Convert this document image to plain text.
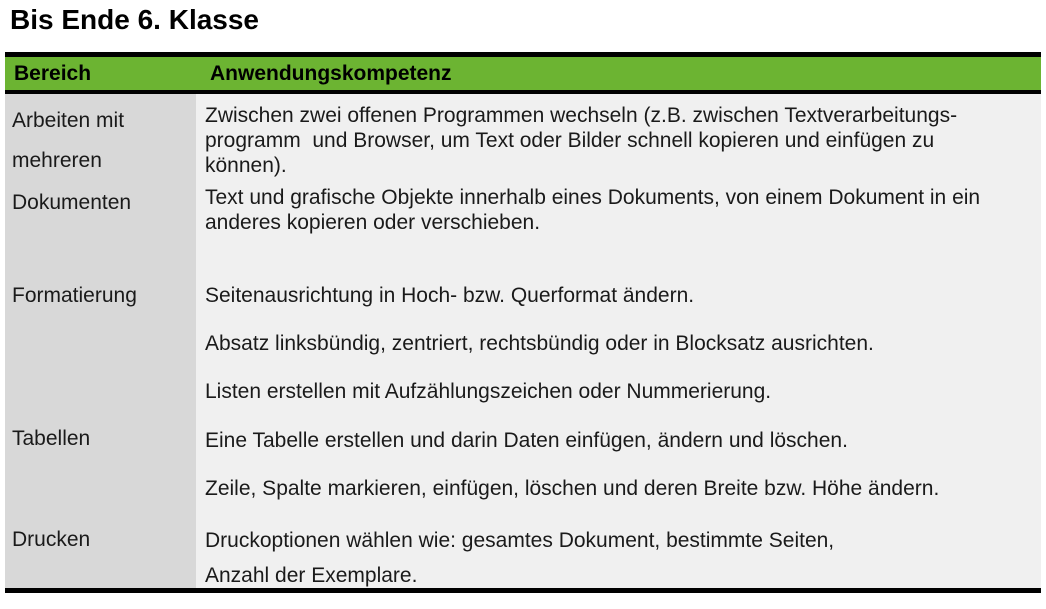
Bis Ende 6. Klasse
Bereich	Anwendungskompetenz
Arbeiten mit
mehreren
Dokumenten
Formatierung
Tabellen
Drucken

Zwischen zwei offenen Programmen wechseln (z.B. zwischen Textverarbeitungs-programm  und Browser, um Text oder Bilder schnell kopieren und einfügen zu können).

Text und grafische Objekte innerhalb eines Dokuments, von einem Dokument in ein anderes kopieren oder verschieben.

Seitenausrichtung in Hoch- bzw. Querformat ändern.

Absatz linksbündig, zentriert, rechtsbündig oder in Blocksatz ausrichten.

Listen erstellen mit Aufzählungszeichen oder Nummerierung.

Eine Tabelle erstellen und darin Daten einfügen, ändern und löschen.

Zeile, Spalte markieren, einfügen, löschen und deren Breite bzw. Höhe ändern.

Druckoptionen wählen wie: gesamtes Dokument, bestimmte Seiten,

Anzahl der Exemplare.
